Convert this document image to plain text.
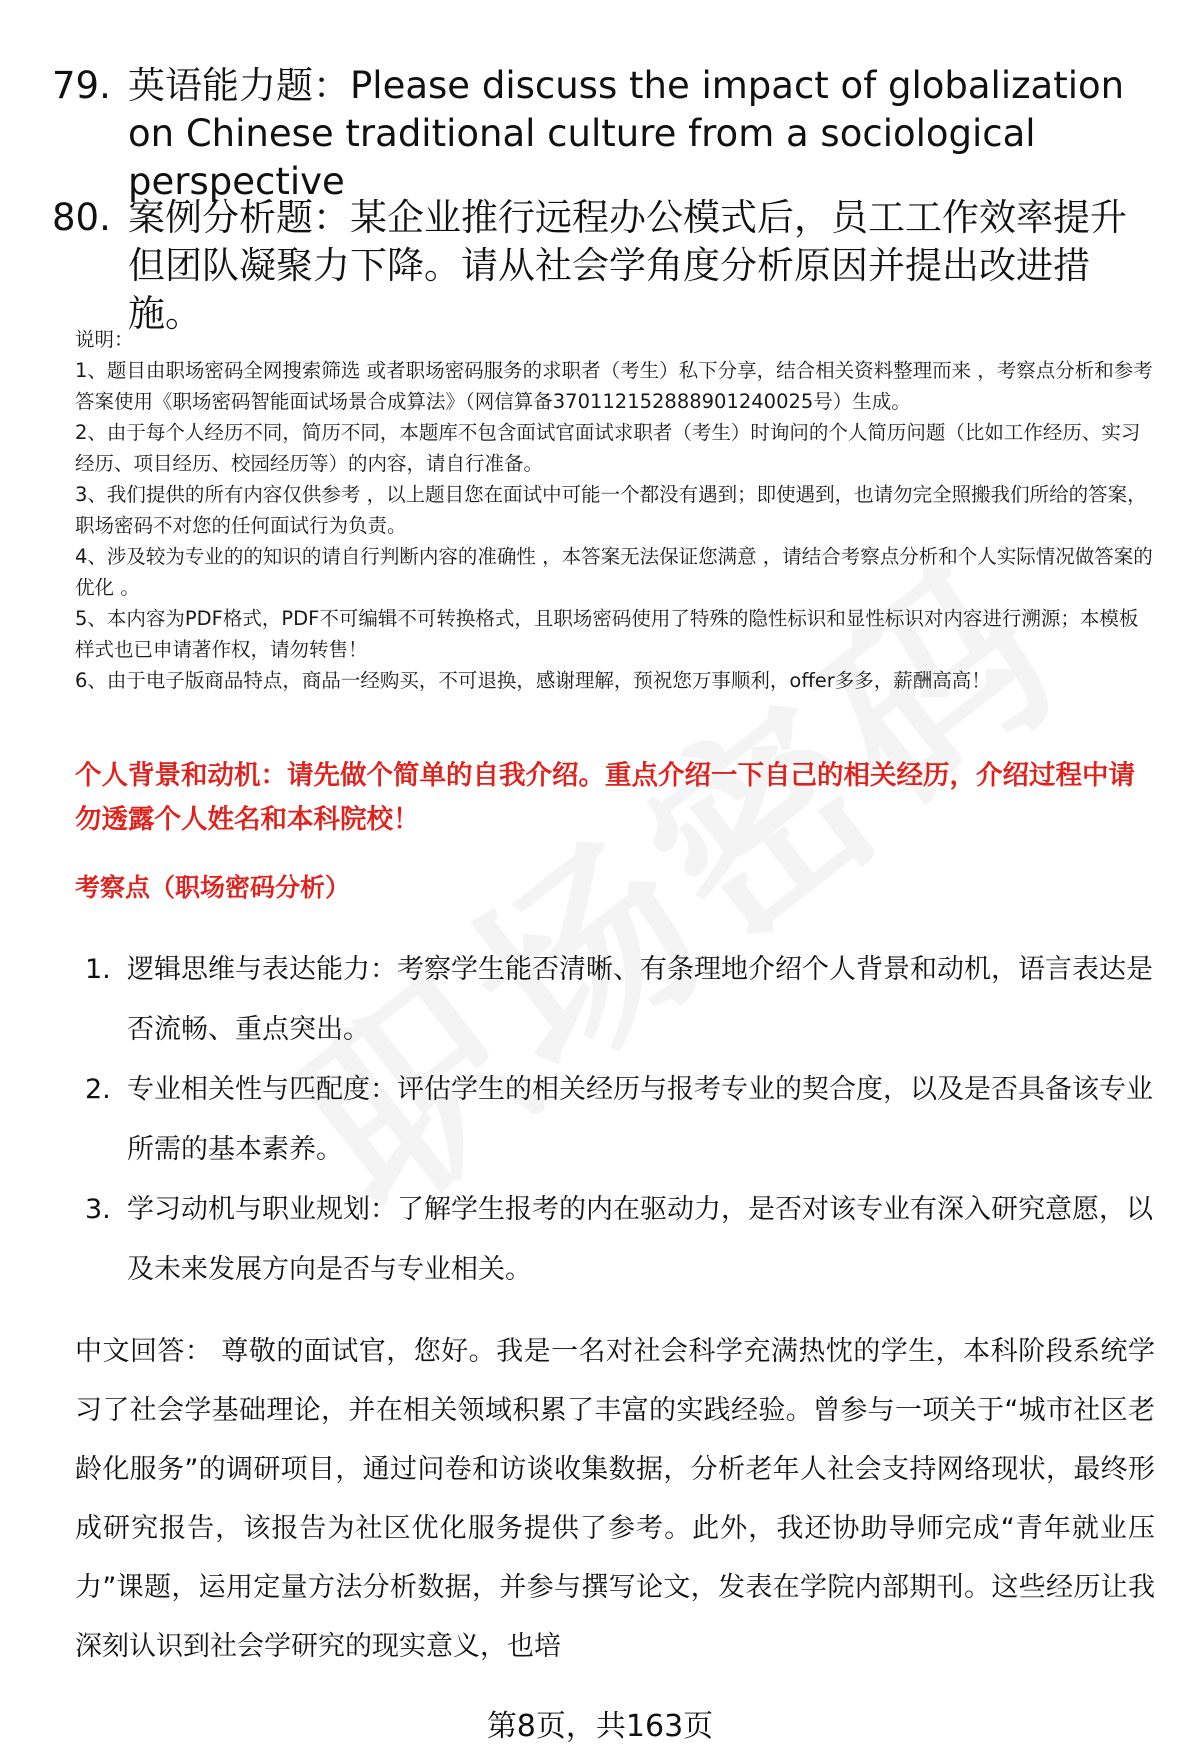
79. 英语能力题：Please discuss the impact of globalization on Chinese traditional culture from a sociological perspective
80. 案例分析题：某企业推行远程办公模式后，员工工作效率提升但团队凝聚力下降。请从社会学角度分析原因并提出改进措施。

说明：

1、题目由职场密码全网搜索筛选 或者职场密码服务的求职者（考生）私下分享，结合相关资料整理而来 ，考察点分析和参考答案使用《职场密码智能面试场景合成算法》（网信算备370112152888901240025号）生成。

2、由于每个人经历不同，简历不同，本题库不包含面试官面试求职者（考生）时询问的个人简历问题（比如工作经历、实习经历、项目经历、校园经历等）的内容，请自行准备。

3、我们提供的所有内容仅供参考 ，以上题目您在面试中可能一个都没有遇到；即使遇到，也请勿完全照搬我们所给的答案，职场密码不对您的任何面试行为负责。

4、涉及较为专业的的知识的请自行判断内容的准确性 ，本答案无法保证您满意 ，请结合考察点分析和个人实际情况做答案的优化 。

5、本内容为PDF格式，PDF不可编辑不可转换格式，且职场密码使用了特殊的隐性标识和显性标识对内容进行溯源；本模板样式也已申请著作权，请勿转售！

6、由于电子版商品特点，商品一经购买，不可退换，感谢理解，预祝您万事顺利，offer多多，薪酬高高！

个人背景和动机：请先做个简单的自我介绍。重点介绍一下自己的相关经历，介绍过程中请勿透露个人姓名和本科院校！
考察点（职场密码分析）
1. 逻辑思维与表达能力：考察学生能否清晰、有条理地介绍个人背景和动机，语言表达是否流畅、重点突出。
2. 专业相关性与匹配度：评估学生的相关经历与报考专业的契合度，以及是否具备该专业所需的基本素养。
3. 学习动机与职业规划：了解学生报考的内在驱动力，是否对该专业有深入研究意愿，以及未来发展方向是否与专业相关。
中文回答： 尊敬的面试官，您好。我是一名对社会科学充满热忱的学生，本科阶段系统学习了社会学基础理论，并在相关领域积累了丰富的实践经验。曾参与一项关于“城市社区老龄化服务”的调研项目，通过问卷和访谈收集数据，分析老年人社会支持网络现状，最终形成研究报告，该报告为社区优化服务提供了参考。此外，我还协助导师完成“青年就业压力”课题，运用定量方法分析数据，并参与撰写论文，发表在学院内部期刊。这些经历让我深刻认识到社会学研究的现实意义，也培
第8页，共163页
